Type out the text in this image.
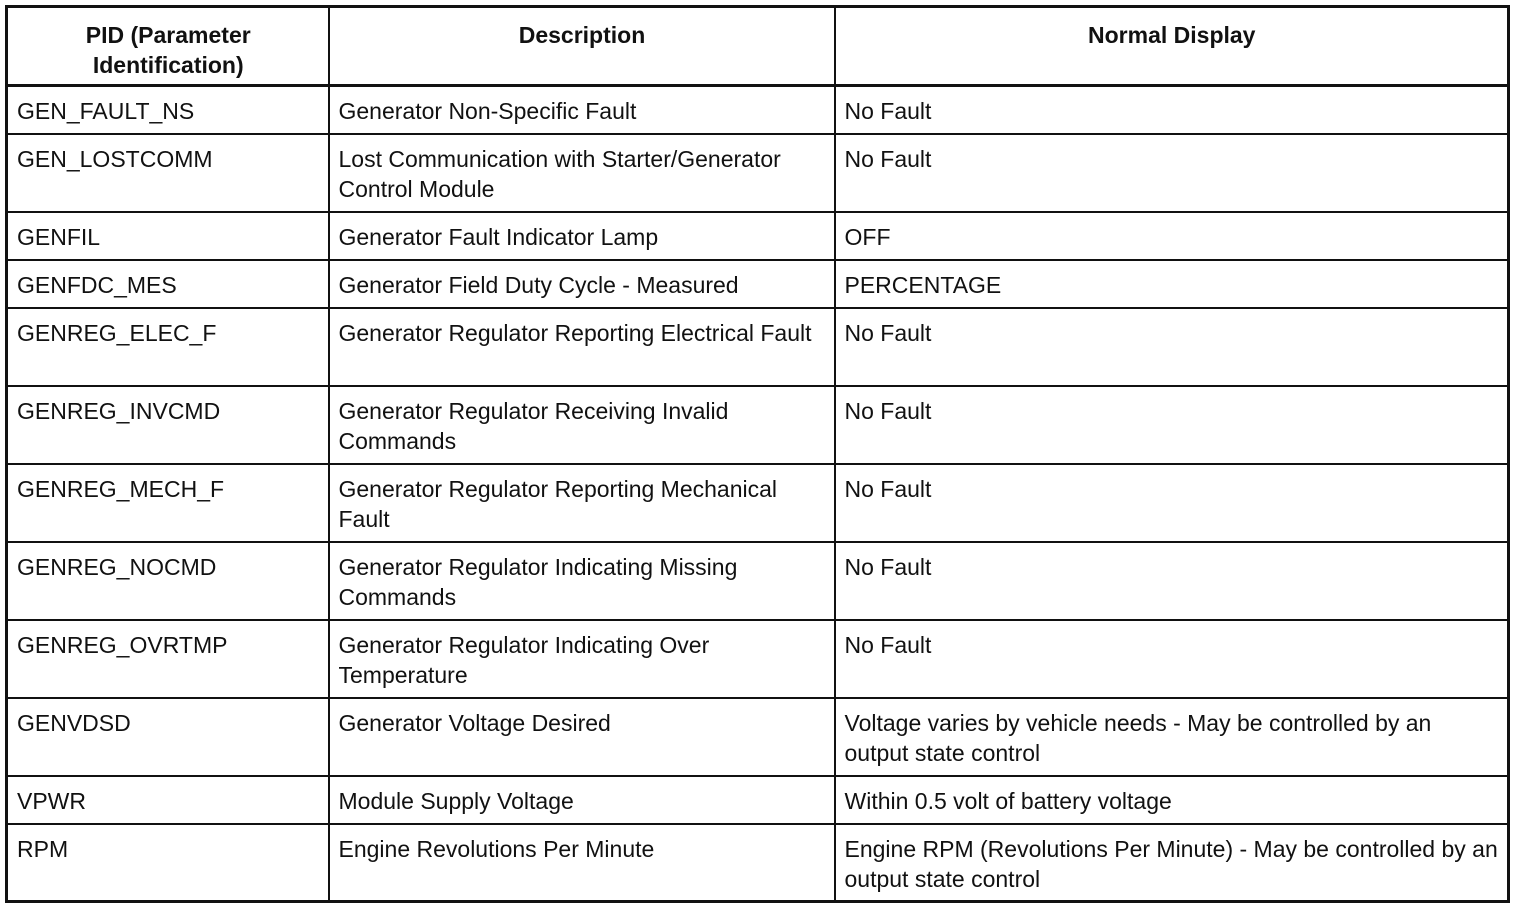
PID (Parameter Identification)	Description	Normal Display
GEN_FAULT_NS	Generator Non-Specific Fault	No Fault
GEN_LOSTCOMM	Lost Communication with Starter/Generator Control Module	No Fault
GENFIL	Generator Fault Indicator Lamp	OFF
GENFDC_MES	Generator Field Duty Cycle - Measured	PERCENTAGE
GENREG_ELEC_F	Generator Regulator Reporting Electrical Fault	No Fault
GENREG_INVCMD	Generator Regulator Receiving Invalid Commands	No Fault
GENREG_MECH_F	Generator Regulator Reporting Mechanical Fault	No Fault
GENREG_NOCMD	Generator Regulator Indicating Missing Commands	No Fault
GENREG_OVRTMP	Generator Regulator Indicating Over Temperature	No Fault
GENVDSD	Generator Voltage Desired	Voltage varies by vehicle needs - May be controlled by an output state control
VPWR	Module Supply Voltage	Within 0.5 volt of battery voltage
RPM	Engine Revolutions Per Minute	Engine RPM (Revolutions Per Minute) - May be controlled by an output state control
